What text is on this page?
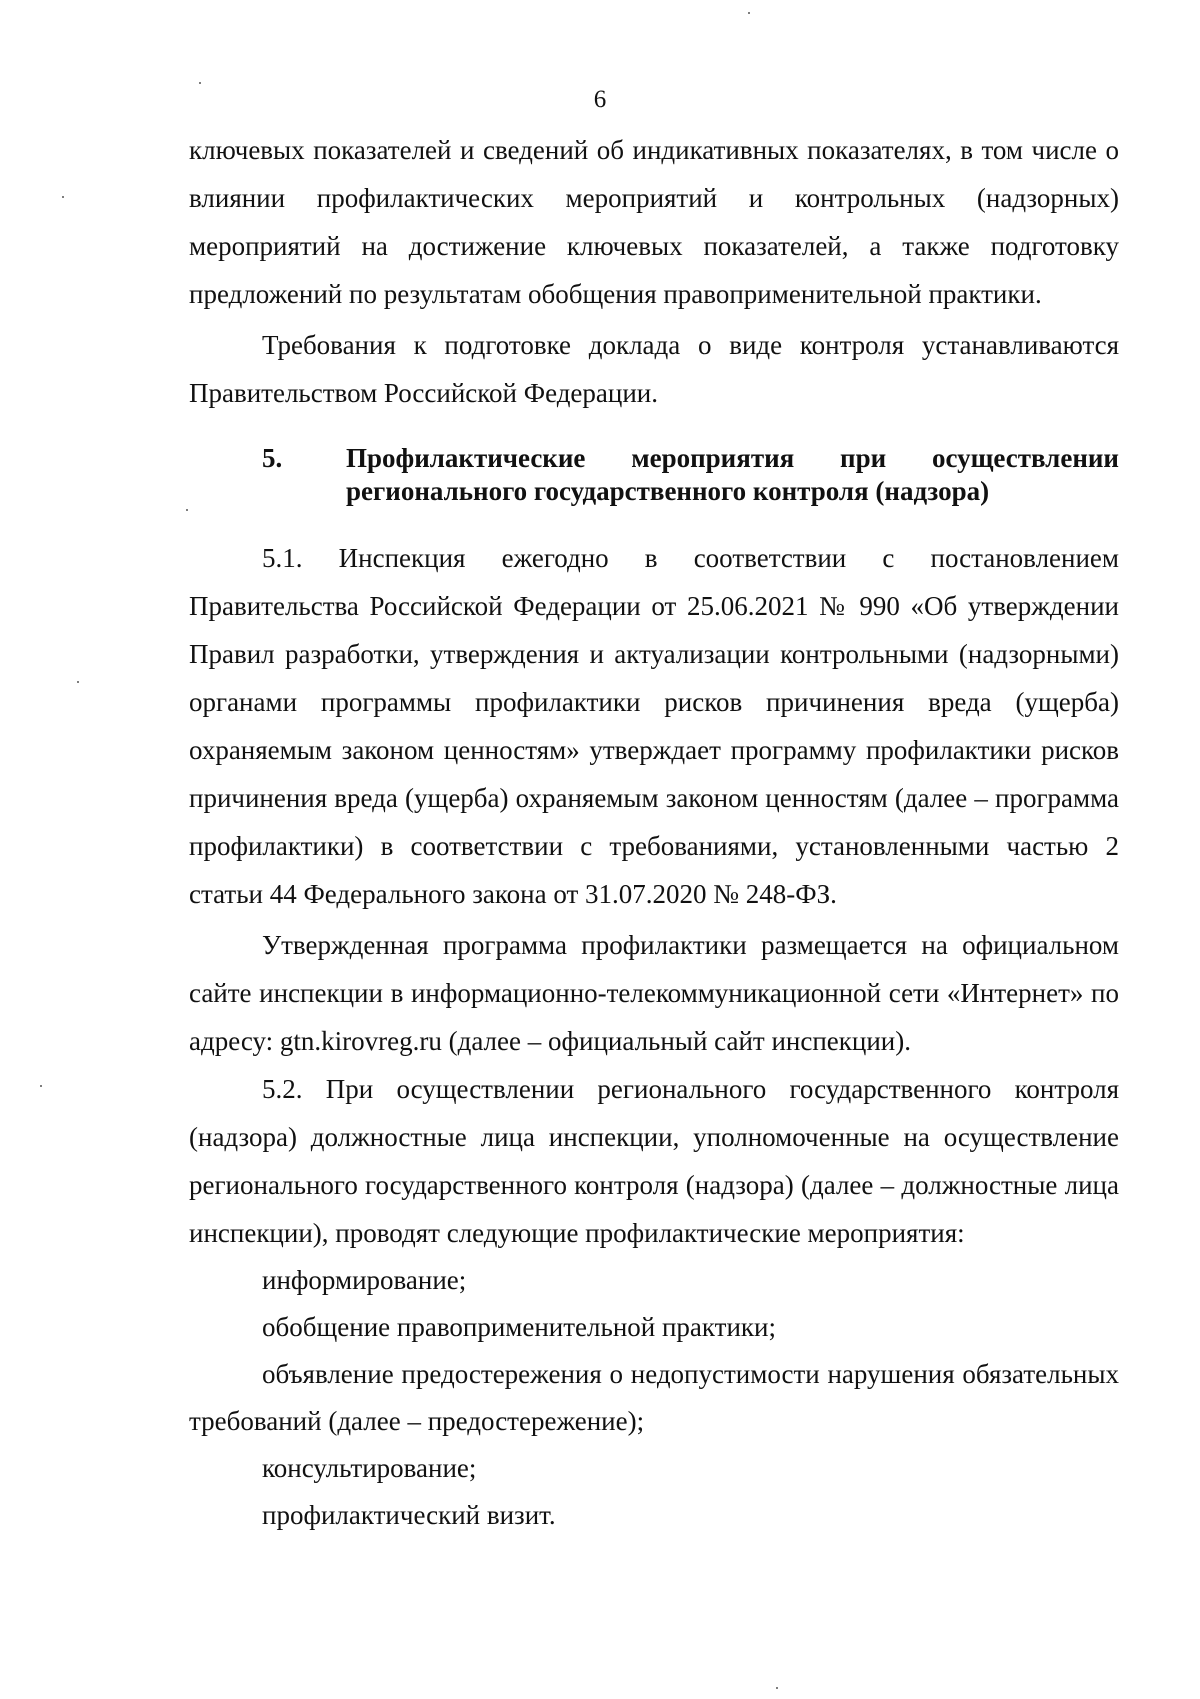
6

ключевых показателей и сведений об индикативных показателях, в том числе о влиянии профилактических мероприятий и контрольных (надзорных) мероприятий на достижение ключевых показателей, а также подготовку предложений по результатам обобщения правоприменительной практики.

Требования к подготовке доклада о виде контроля устанавливаются Правительством Российской Федерации.

5.	Профилактические мероприятия при осуществлении
регионального государственного контроля (надзора)

5.1. Инспекция ежегодно в соответствии с постановлением Правительства Российской Федерации от 25.06.2021 № 990 «Об утверждении Правил разработки, утверждения и актуализации контрольными (надзорными) органами программы профилактики рисков причинения вреда (ущерба) охраняемым законом ценностям» утверждает программу профилактики рисков причинения вреда (ущерба) охраняемым законом ценностям (далее – программа профилактики) в соответствии с требованиями, установленными частью 2 статьи 44 Федерального закона от 31.07.2020 № 248-ФЗ.

Утвержденная программа профилактики размещается на официальном сайте инспекции в информационно-телекоммуникационной сети «Интернет» по адресу: gtn.kirovreg.ru (далее – официальный сайт инспекции).

5.2. При осуществлении регионального государственного контроля (надзора) должностные лица инспекции, уполномоченные на осуществление регионального государственного контроля (надзора) (далее – должностные лица инспекции), проводят следующие профилактические мероприятия:

информирование;

обобщение правоприменительной практики;

объявление предостережения о недопустимости нарушения обязательных требований (далее – предостережение);

консультирование;

профилактический визит.
